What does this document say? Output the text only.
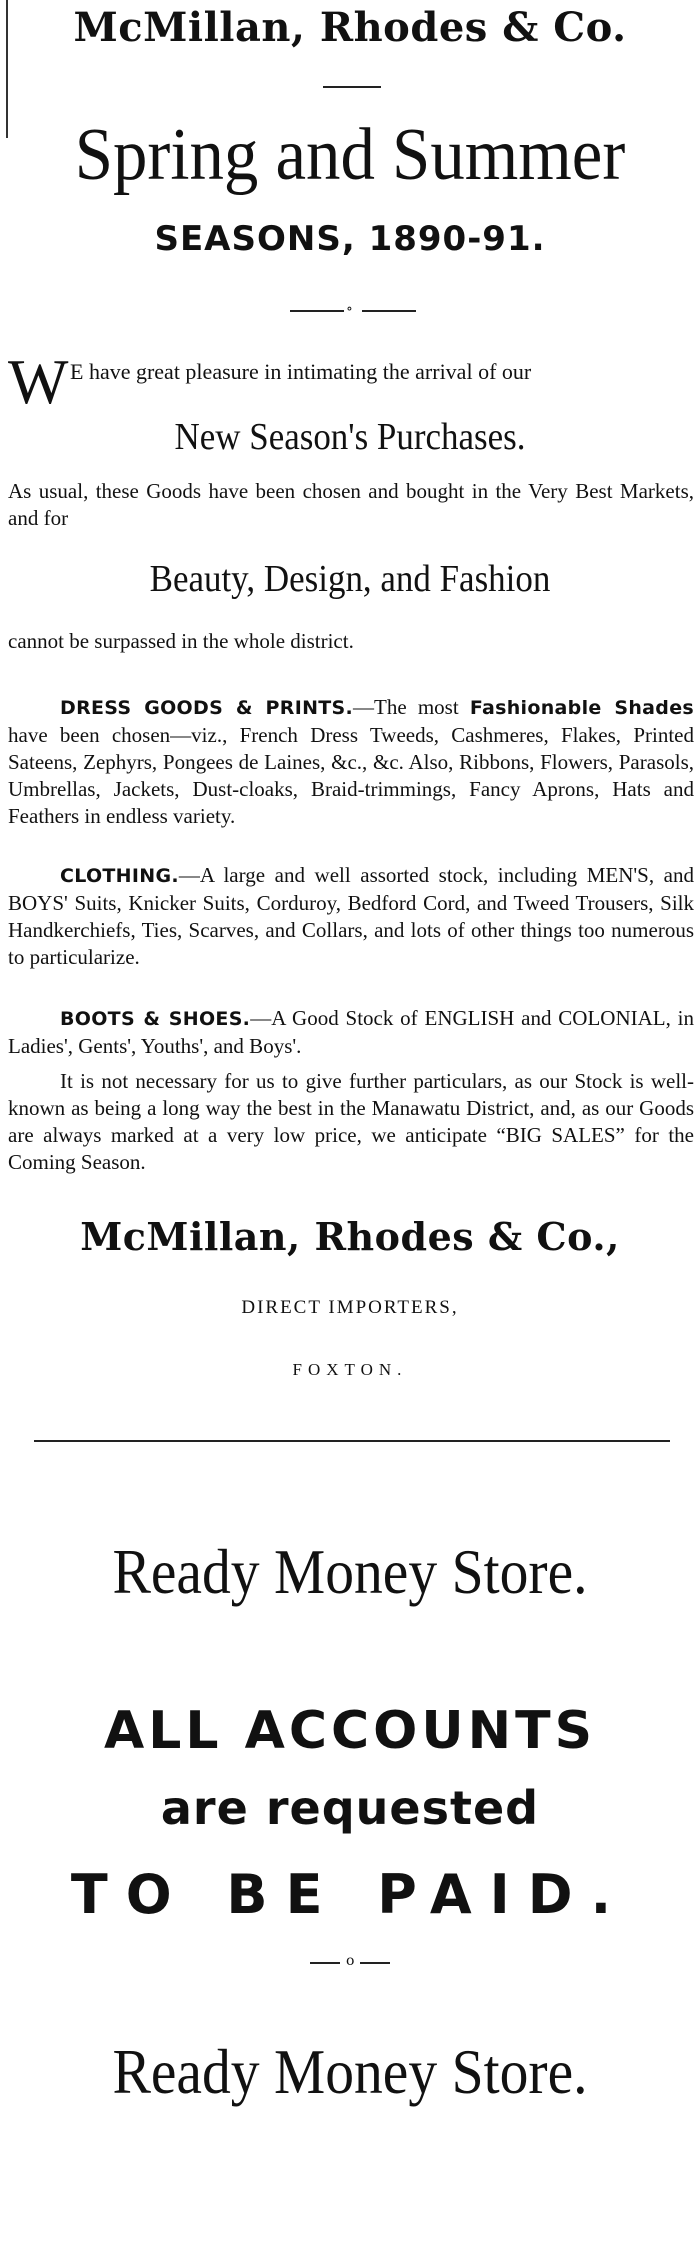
McMillan, Rhodes & Co.
Spring and Summer
SEASONS, 1890-91.
∘
W E have great pleasure in intimating the arrival of our
New Season's Purchases.
As usual, these Goods have been chosen and bought in the Very Best Markets, and for
Beauty, Design, and Fashion
cannot be surpassed in the whole district.
DRESS GOODS & PRINTS.—The most Fashionable Shades have been chosen—viz., French Dress Tweeds, Cashmeres, Flakes, Printed Sateens, Zephyrs, Pongees de Laines, &c., &c. Also, Ribbons, Flowers, Parasols, Umbrellas, Jackets, Dust-cloaks, Braid-trimmings, Fancy Aprons, Hats and Feathers in endless variety.
CLOTHING.—A large and well assorted stock, including MEN'S, and BOYS' Suits, Knicker Suits, Corduroy, Bedford Cord, and Tweed Trousers, Silk Handkerchiefs, Ties, Scarves, and Collars, and lots of other things too numerous to particularize.
BOOTS & SHOES.—A Good Stock of ENGLISH and COLONIAL, in Ladies', Gents', Youths', and Boys'.
It is not necessary for us to give further particulars, as our Stock is well-known as being a long way the best in the Manawatu District, and, as our Goods are always marked at a very low price, we anticipate “BIG SALES” for the Coming Season.
McMillan, Rhodes & Co.,
DIRECT IMPORTERS,
FOXTON.
Ready Money Store.
ALL ACCOUNTS
are requested
TO BE PAID.
o
Ready Money Store.
